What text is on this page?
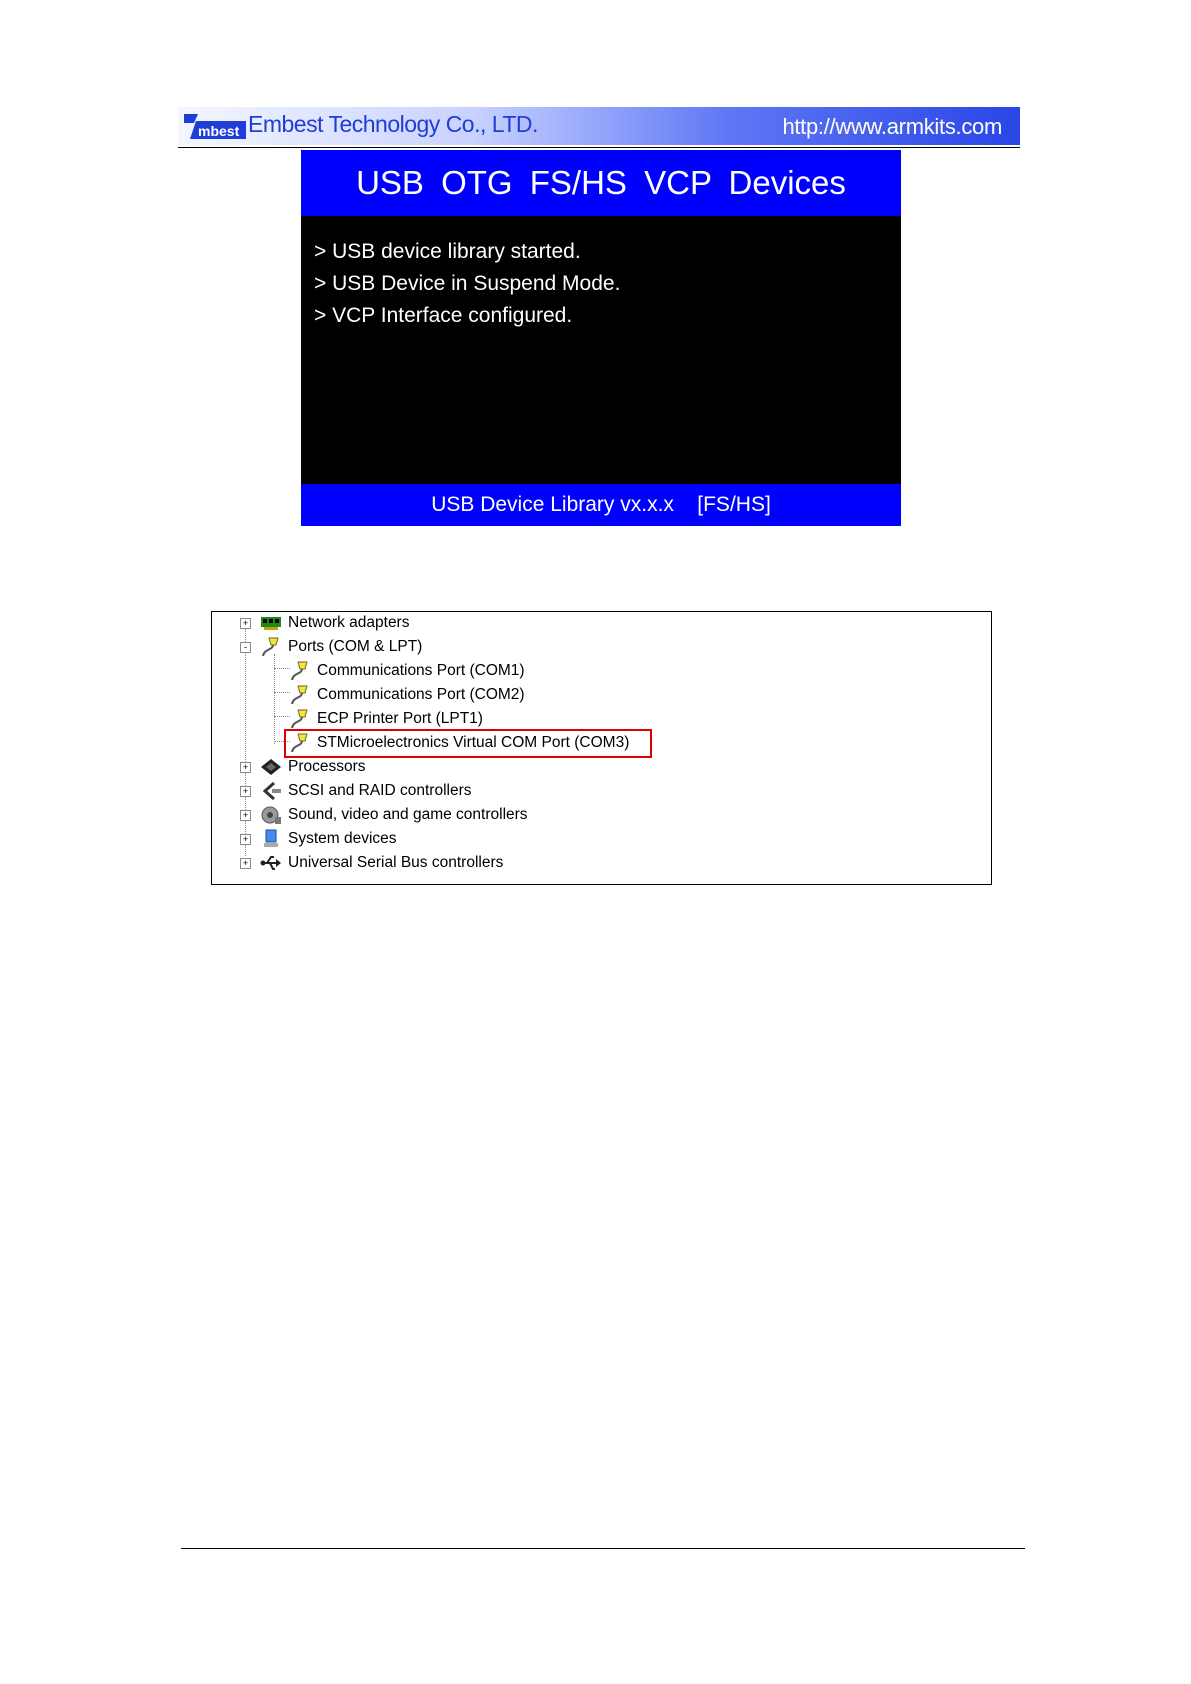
mbest Embest Technology Co., LTD.	http://www.armkits.com
USB OTG FS/HS VCP Devices
> USB device library started.
> USB Device in Suspend Mode.
> VCP Interface configured.
USB Device Library vx.x.x    [FS/HS]
+	Network adapters
-	Ports (COM & LPT)
Communications Port (COM1)
Communications Port (COM2)
ECP Printer Port (LPT1)
STMicroelectronics Virtual COM Port (COM3)
+	Processors
+	SCSI and RAID controllers
+	Sound, video and game controllers
+	System devices
+	Universal Serial Bus controllers
